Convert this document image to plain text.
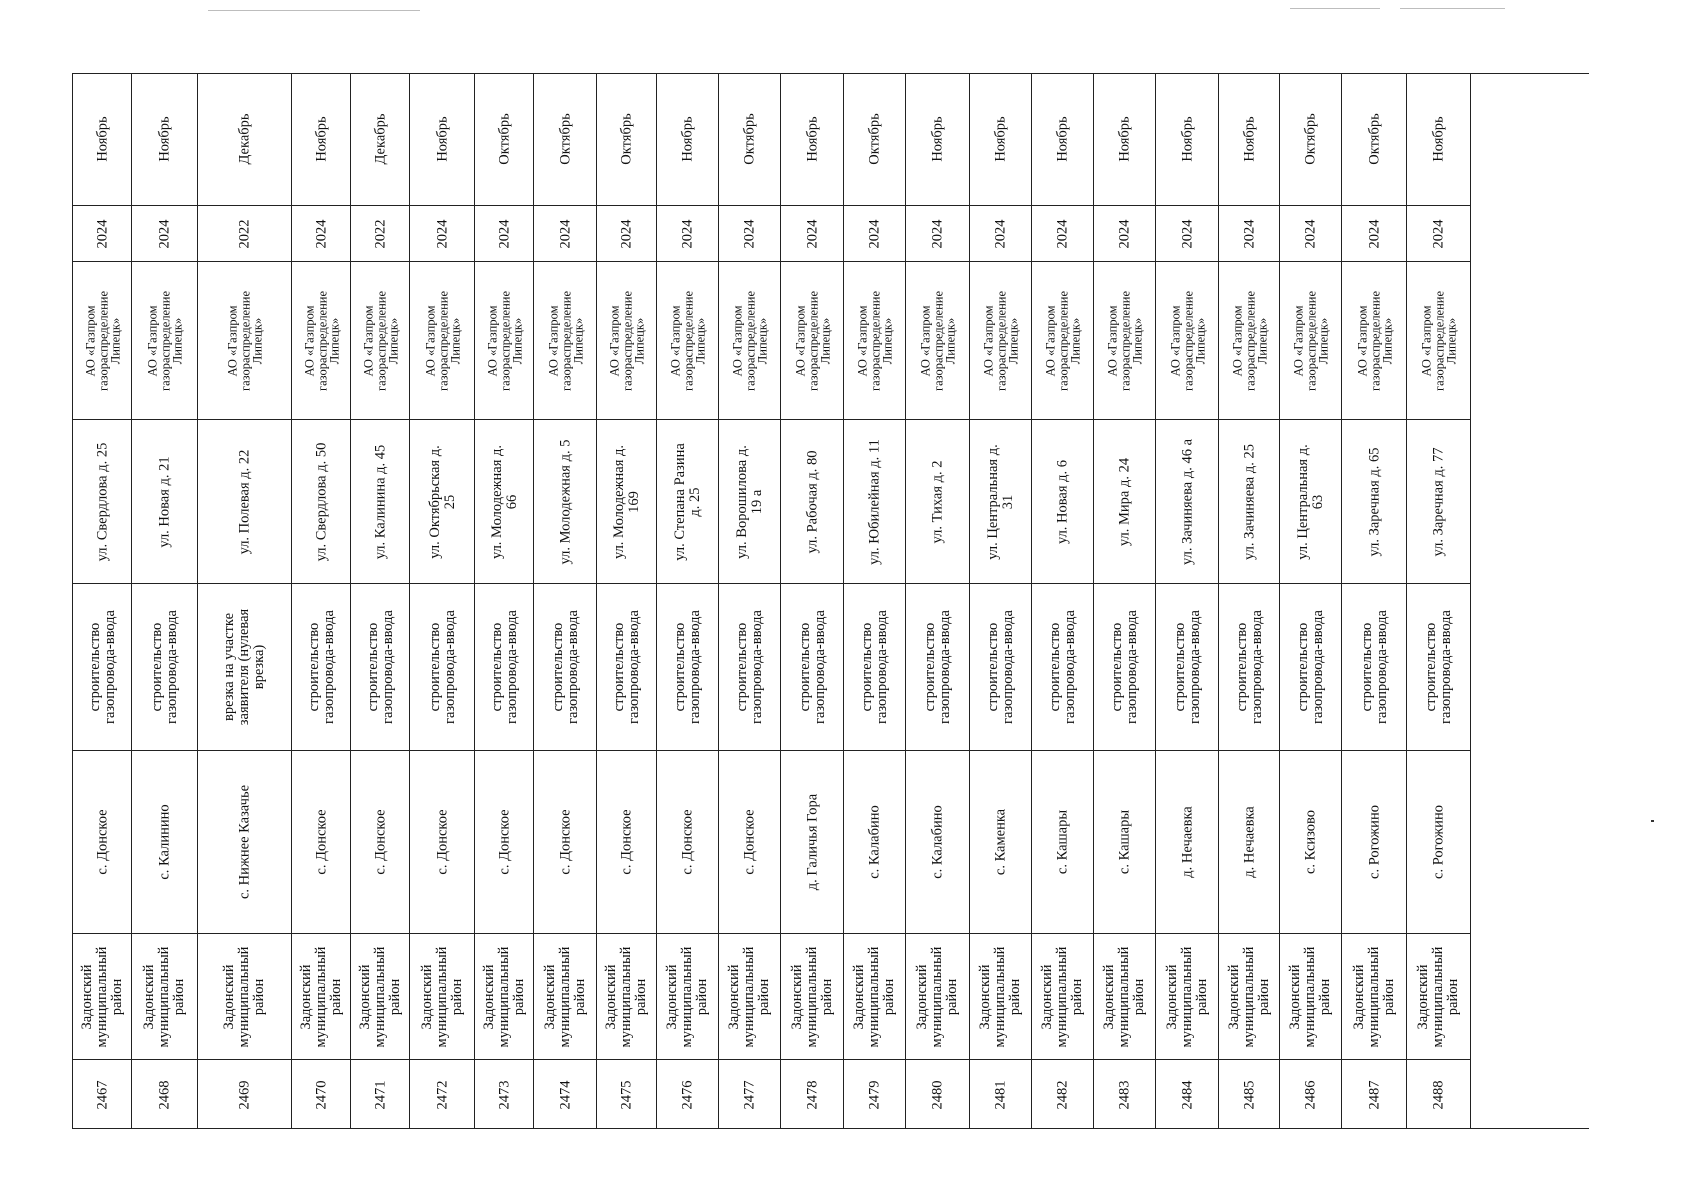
Ноябрь
2024
АО «Газпром
газораспределение
Липецк»
ул. Свердлова д. 25
строительство газопровода-ввода
с. Донское
Задонский муниципальный район
2467
Ноябрь
2024
АО «Газпром
газораспределение
Липецк»
ул. Новая д. 21
строительство газопровода-ввода
с. Калинино
Задонский муниципальный район
2468
Декабрь
2022
АО «Газпром
газораспределение
Липецк»
ул. Полевая д. 22
врезка на участке заявителя (нулевая врезка)
с. Нижнее Казачье
Задонский муниципальный район
2469
Ноябрь
2024
АО «Газпром
газораспределение
Липецк»
ул. Свердлова д. 50
строительство газопровода-ввода
с. Донское
Задонский муниципальный район
2470
Декабрь
2022
АО «Газпром
газораспределение
Липецк»
ул. Калинина д. 45
строительство газопровода-ввода
с. Донское
Задонский муниципальный район
2471
Ноябрь
2024
АО «Газпром
газораспределение
Липецк»
ул. Октябрьская д. 25
строительство газопровода-ввода
с. Донское
Задонский муниципальный район
2472
Октябрь
2024
АО «Газпром
газораспределение
Липецк»
ул. Молодежная д. 66
строительство газопровода-ввода
с. Донское
Задонский муниципальный район
2473
Октябрь
2024
АО «Газпром
газораспределение
Липецк»
ул. Молодежная д. 5
строительство газопровода-ввода
с. Донское
Задонский муниципальный район
2474
Октябрь
2024
АО «Газпром
газораспределение
Липецк»
ул. Молодежная д. 169
строительство газопровода-ввода
с. Донское
Задонский муниципальный район
2475
Ноябрь
2024
АО «Газпром
газораспределение
Липецк»
ул. Степана Разина д. 25
строительство газопровода-ввода
с. Донское
Задонский муниципальный район
2476
Октябрь
2024
АО «Газпром
газораспределение
Липецк»
ул. Ворошилова д. 19 а
строительство газопровода-ввода
с. Донское
Задонский муниципальный район
2477
Ноябрь
2024
АО «Газпром
газораспределение
Липецк»
ул. Рабочая д. 80
строительство газопровода-ввода
д. Галичья Гора
Задонский муниципальный район
2478
Октябрь
2024
АО «Газпром
газораспределение
Липецк»
ул. Юбилейная д. 11
строительство газопровода-ввода
с. Калабино
Задонский муниципальный район
2479
Ноябрь
2024
АО «Газпром
газораспределение
Липецк»
ул. Тихая д. 2
строительство газопровода-ввода
с. Калабино
Задонский муниципальный район
2480
Ноябрь
2024
АО «Газпром
газораспределение
Липецк»
ул. Центральная д. 31
строительство газопровода-ввода
с. Каменка
Задонский муниципальный район
2481
Ноябрь
2024
АО «Газпром
газораспределение
Липецк»
ул. Новая д. 6
строительство газопровода-ввода
с. Кашары
Задонский муниципальный район
2482
Ноябрь
2024
АО «Газпром
газораспределение
Липецк»
ул. Мира д. 24
строительство газопровода-ввода
с. Кашары
Задонский муниципальный район
2483
Ноябрь
2024
АО «Газпром
газораспределение
Липецк»
ул. Зачиняева д. 46 а
строительство газопровода-ввода
д. Нечаевка
Задонский муниципальный район
2484
Ноябрь
2024
АО «Газпром
газораспределение
Липецк»
ул. Зачиняева д. 25
строительство газопровода-ввода
д. Нечаевка
Задонский муниципальный район
2485
Октябрь
2024
АО «Газпром
газораспределение
Липецк»
ул. Центральная д. 63
строительство газопровода-ввода
с. Ксизово
Задонский муниципальный район
2486
Октябрь
2024
АО «Газпром
газораспределение
Липецк»
ул. Заречная д. 65
строительство газопровода-ввода
с. Рогожино
Задонский муниципальный район
2487
Ноябрь
2024
АО «Газпром
газораспределение
Липецк»
ул. Заречная д. 77
строительство газопровода-ввода
с. Рогожино
Задонский муниципальный район
2488
